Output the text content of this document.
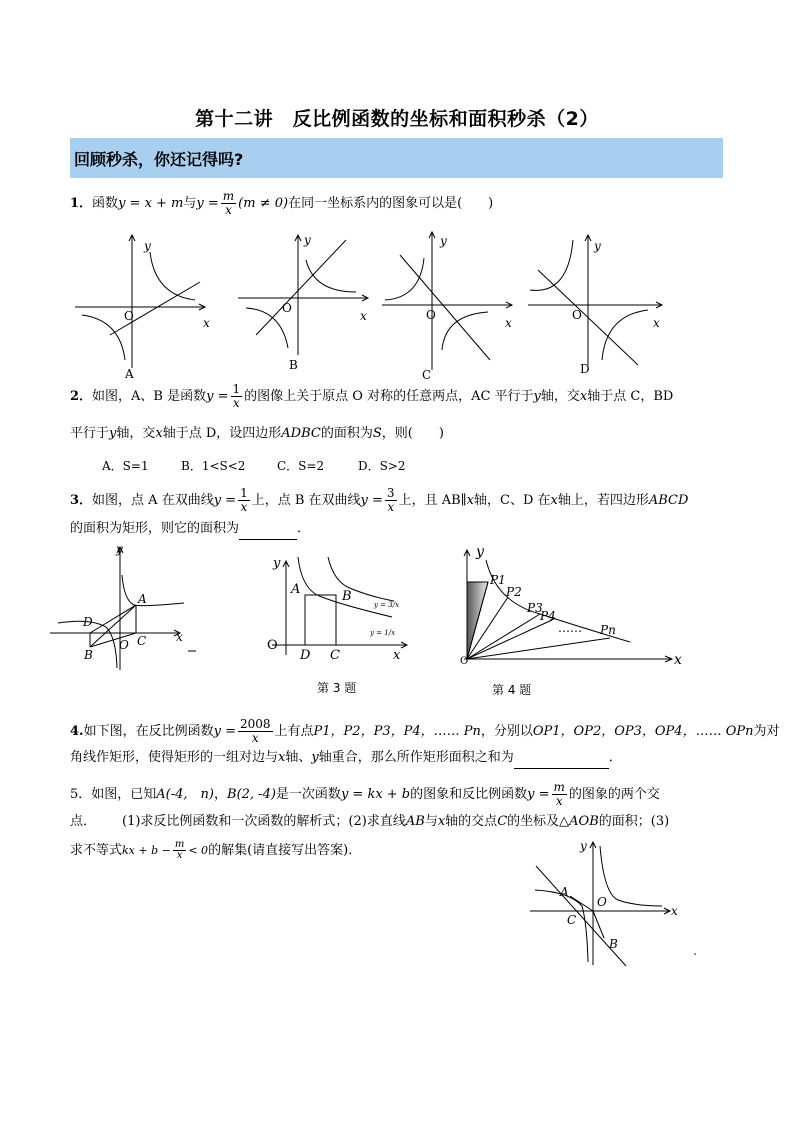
第十二讲　反比例函数的坐标和面积秒杀（2）
回顾秒杀，你还记得吗?
1．函数y = x + m与$y = \frac{m}{x} (m \ne 0)$在同一坐标系内的图象可以是(　　)
y
x
O
A
y
x
O
B
y
x
O
C
y
x
O
D
2．如图，A、B 是函数$y = \frac{1}{x}$ 的图像上关于原点 O 对称的任意两点，AC 平行于y轴，交x轴于点 C，BD
平行于y轴，交x轴于点 D，设四边形ADBC的面积为S，则(　　)
A．S=1	B．1<S<2	C．S=2	D．S>2
3．如图，点 A 在双曲线$y = \frac{1}{x}$ 上，点 B 在双曲线$y = \frac{3}{x}$ 上，且 AB∥x轴，C、D 在x轴上，若四边形ABCD
的面积为矩形，则它的面积为	．
y
x
A
B
C
D
O
y
x
O
A	B
D C
y = 3/x
y = 1/x
第 3 题
y
x
O
P1
P2
P3
P4
…… Pn
第 4 题
4.如下图，在反比例函数$y = \frac{2008}{x}$ 上有点P1，P2，P3，P4，…… Pn，分别以OP1，OP2，OP3，OP4，…… OPn为对
角线作矩形，使得矩形的一组对边与x轴、y轴重合，那么所作矩形面积之和为	．
5．如图，已知A(-4,　n)，B(2, -4)是一次函数y = kx + b的图象和反比例函数$y = \frac{m}{x}$ 的图象的两个交
点． (1)求反比例函数和一次函数的解析式；(2)求直线AB与x轴的交点C的坐标及△AOB的面积；(3)
求不等式kx + $b - \frac{m}{x} < 0$的解集(请直接写出答案)．	y
x
O
A
B
C
